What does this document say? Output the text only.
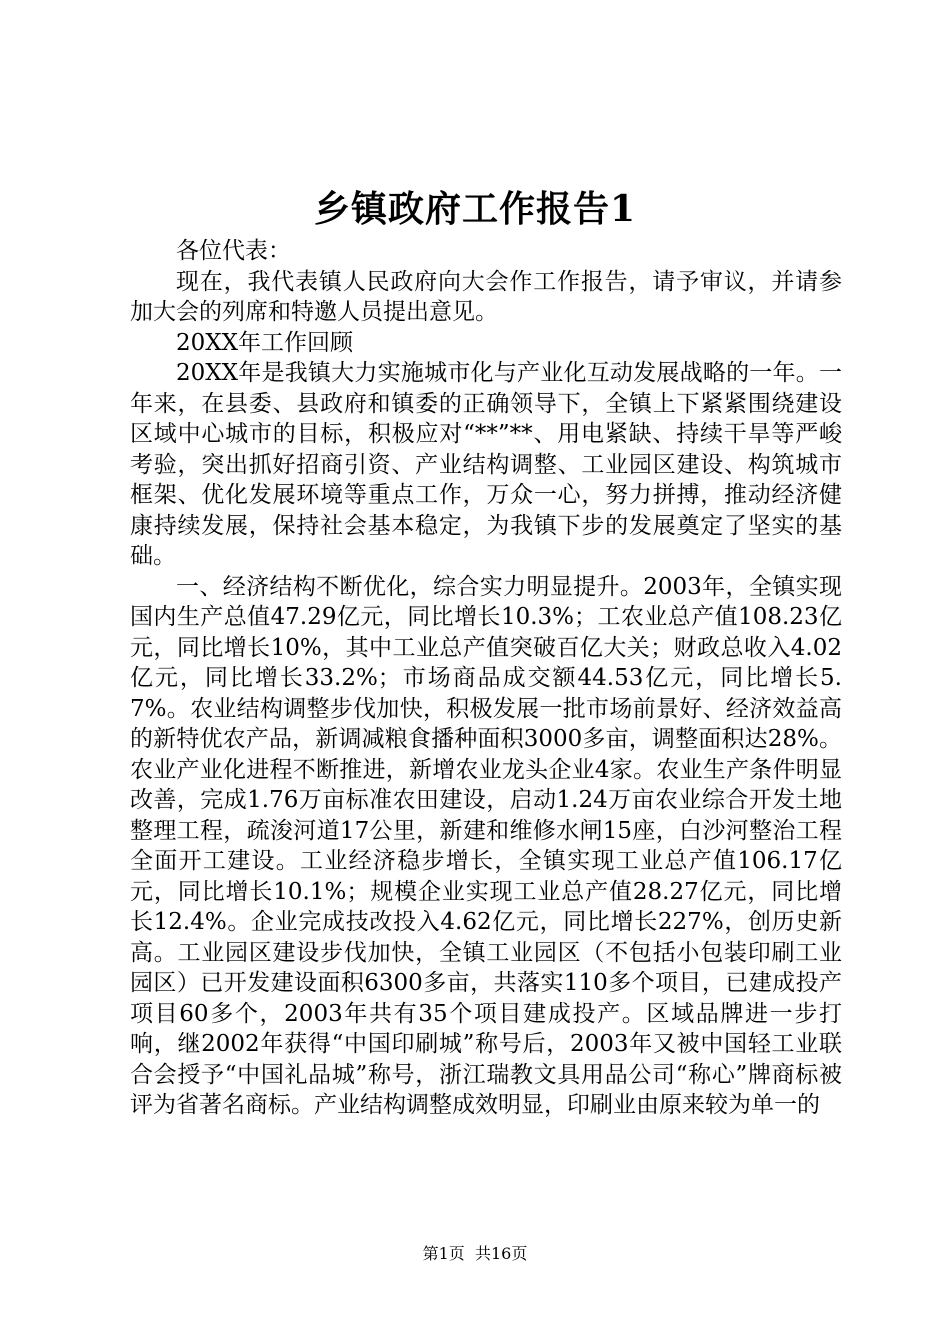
乡镇政府工作报告1

各位代表：

现在，我代表镇人民政府向大会作工作报告，请予审议，并请参加大会的列席和特邀人员提出意见。

20XX年工作回顾

20XX年是我镇大力实施城市化与产业化互动发展战略的一年。一年来，在县委、县政府和镇委的正确领导下，全镇上下紧紧围绕建设区域中心城市的目标，积极应对“**”**、用电紧缺、持续干旱等严峻考验，突出抓好招商引资、产业结构调整、工业园区建设、构筑城市框架、优化发展环境等重点工作，万众一心，努力拼搏，推动经济健康持续发展，保持社会基本稳定，为我镇下步的发展奠定了坚实的基础。

一、经济结构不断优化，综合实力明显提升。2003年，全镇实现国内生产总值47.29亿元，同比增长10.3%；工农业总产值108.23亿元，同比增长10%，其中工业总产值突破百亿大关；财政总收入4.02亿元，同比增长33.2%；市场商品成交额44.53亿元，同比增长5.7%。农业结构调整步伐加快，积极发展一批市场前景好、经济效益高的新特优农产品，新调减粮食播种面积3000多亩，调整面积达28%。农业产业化进程不断推进，新增农业龙头企业4家。农业生产条件明显改善，完成1.76万亩标准农田建设，启动1.24万亩农业综合开发土地整理工程，疏浚河道17公里，新建和维修水闸15座，白沙河整治工程全面开工建设。工业经济稳步增长，全镇实现工业总产值106.17亿元，同比增长10.1%；规模企业实现工业总产值28.27亿元，同比增长12.4%。企业完成技改投入4.62亿元，同比增长227%，创历史新高。工业园区建设步伐加快，全镇工业园区（不包括小包装印刷工业园区）已开发建设面积6300多亩，共落实110多个项目，已建成投产项目60多个，2003年共有35个项目建成投产。区域品牌进一步打响，继2002年获得“中国印刷城”称号后，2003年又被中国轻工业联合会授予“中国礼品城”称号，浙江瑞教文具用品公司“称心”牌商标被评为省著名商标。产业结构调整成效明显，印刷业由原来较为单一的

第1页 共16页
